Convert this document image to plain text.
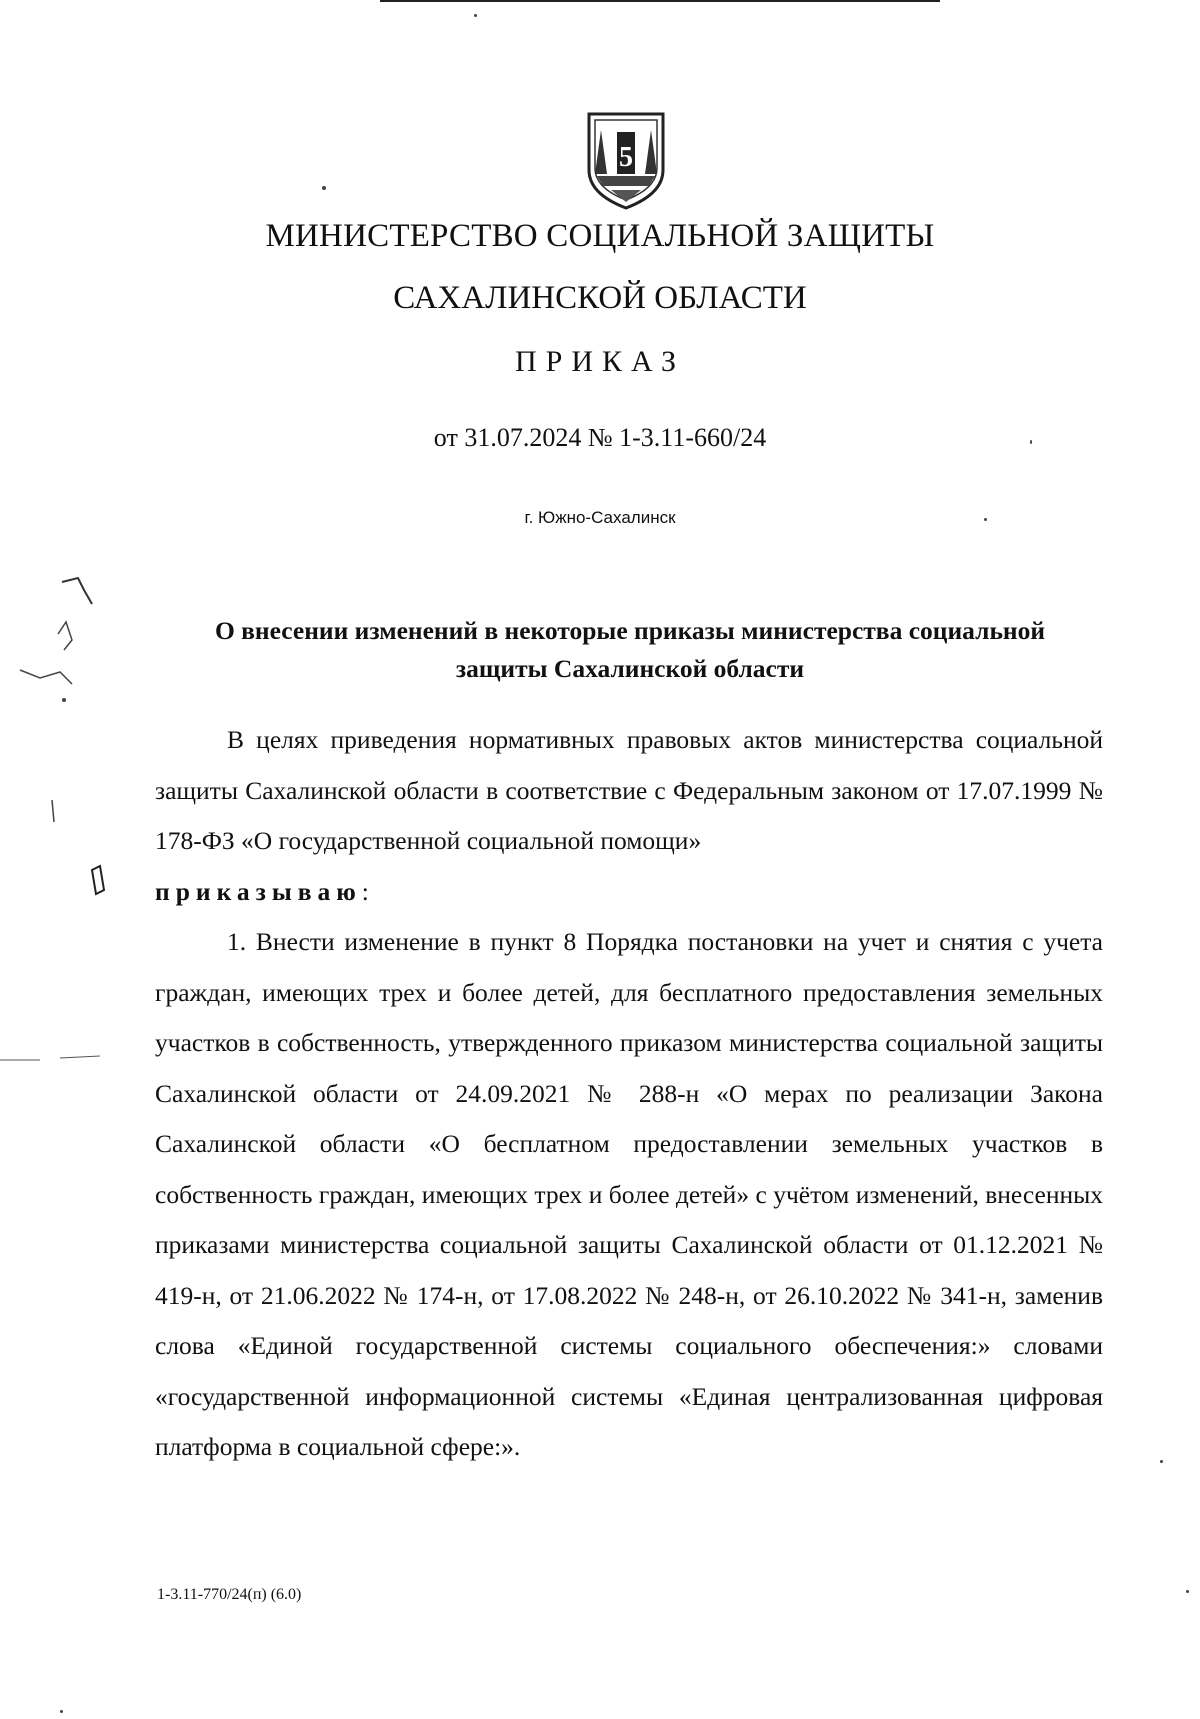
5
МИНИСТЕРСТВО СОЦИАЛЬНОЙ ЗАЩИТЫ
САХАЛИНСКОЙ ОБЛАСТИ
ПРИКАЗ
от 31.07.2024 № 1-3.11-660/24
г. Южно-Сахалинск
О внесении изменений в некоторые приказы министерства социальной
защиты Сахалинской области

В целях приведения нормативных правовых актов министерства социальной защиты Сахалинской области в соответствие с Федеральным законом от 17.07.1999 № 178-ФЗ «О государственной социальной помощи»

приказываю:

1. Внести изменение в пункт 8 Порядка постановки на учет и снятия с учета граждан, имеющих трех и более детей, для бесплатного предоставления земельных участков в собственность, утвержденного приказом министерства социальной защиты Сахалинской области от 24.09.2021 № 288-н «О мерах по реализации Закона Сахалинской области «О бесплатном предоставлении земельных участков в собственность граждан, имеющих трех и более детей» с учётом изменений, внесенных приказами министерства социальной защиты Сахалинской области от 01.12.2021 № 419-н, от 21.06.2022 № 174-н, от 17.08.2022 № 248-н, от 26.10.2022 № 341-н, заменив слова «Единой государственной системы социального обеспечения:» словами «государственной информационной системы «Единая централизованная цифровая платформа в социальной сфере:».

1-3.11-770/24(п) (6.0)
